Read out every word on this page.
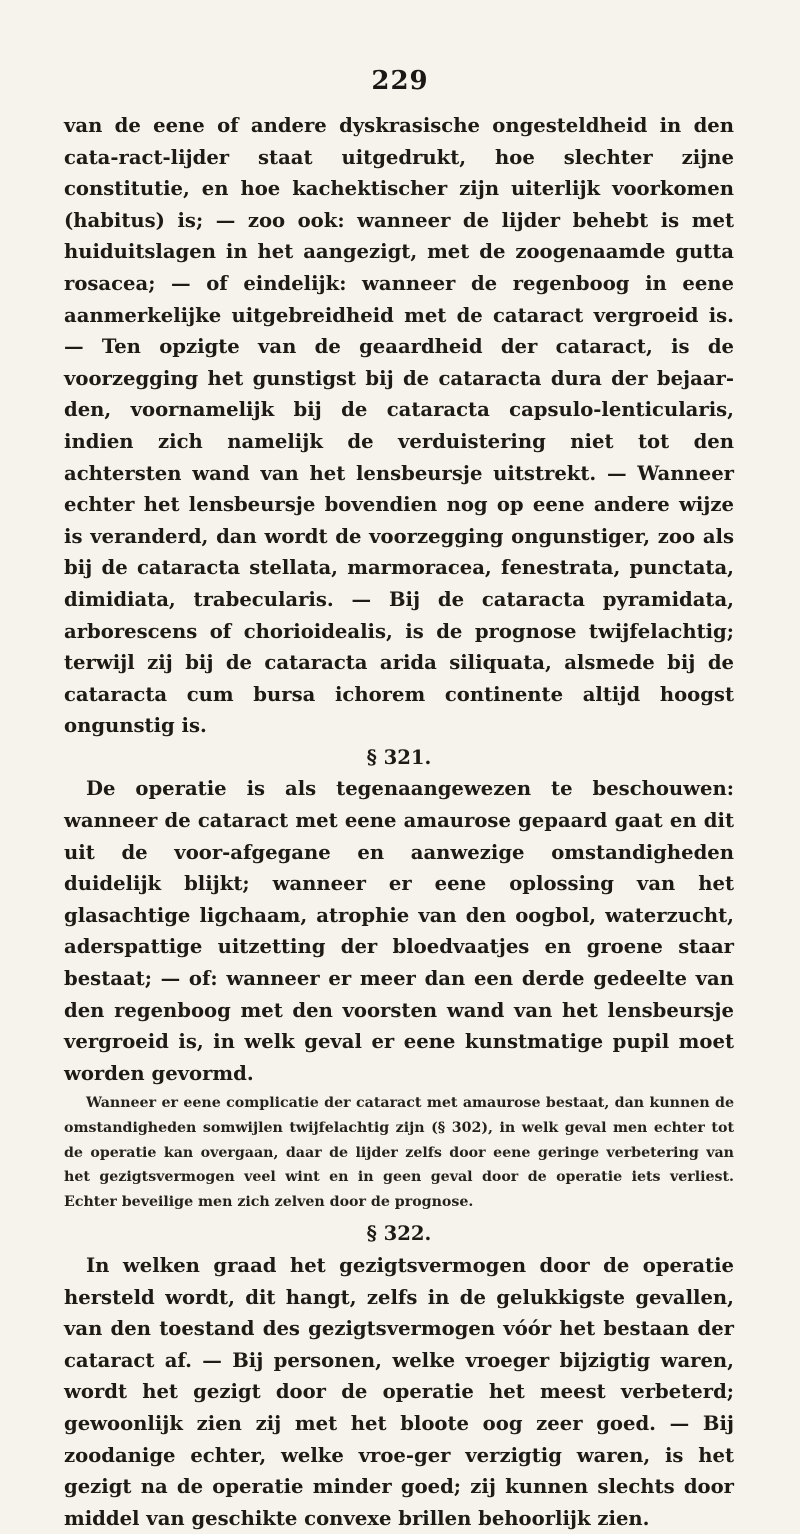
229

van de eene of andere dyskrasische ongesteldheid in den cata-ract-lijder staat uitgedrukt, hoe slechter zijne constitutie, en hoe kachektischer zijn uiterlijk voorkomen (habitus) is; — zoo ook: wanneer de lijder behebt is met huiduitslagen in het aangezigt, met de zoogenaamde gutta rosacea; — of eindelijk: wanneer de regenboog in eene aanmerkelijke uitgebreidheid met de cataract vergroeid is. — Ten opzigte van de geaardheid der cataract, is de voorzegging het gunstigst bij de cataracta dura der bejaar-den, voornamelijk bij de cataracta capsulo-lenticularis, indien zich namelijk de verduistering niet tot den achtersten wand van het lensbeursje uitstrekt. — Wanneer echter het lensbeursje bovendien nog op eene andere wijze is veranderd, dan wordt de voorzegging ongunstiger, zoo als bij de cataracta stellata, marmoracea, fenestrata, punctata, dimidiata, trabecularis. — Bij de cataracta pyramidata, arborescens of chorioidealis, is de prognose twijfelachtig; terwijl zij bij de cataracta arida siliquata, alsmede bij de cataracta cum bursa ichorem continente altijd hoogst ongunstig is.

§ 321.

De operatie is als tegenaangewezen te beschouwen: wanneer de cataract met eene amaurose gepaard gaat en dit uit de voor-afgegane en aanwezige omstandigheden duidelijk blijkt; wanneer er eene oplossing van het glasachtige ligchaam, atrophie van den oogbol, waterzucht, aderspattige uitzetting der bloedvaatjes en groene staar bestaat; — of: wanneer er meer dan een derde gedeelte van den regenboog met den voorsten wand van het lensbeursje vergroeid is, in welk geval er eene kunstmatige pupil moet worden gevormd.

Wanneer er eene complicatie der cataract met amaurose bestaat, dan kunnen de omstandigheden somwijlen twijfelachtig zijn (§ 302), in welk geval men echter tot de operatie kan overgaan, daar de lijder zelfs door eene geringe verbetering van het gezigtsvermogen veel wint en in geen geval door de operatie iets verliest. Echter beveilige men zich zelven door de prognose.

§ 322.

In welken graad het gezigtsvermogen door de operatie hersteld wordt, dit hangt, zelfs in de gelukkigste gevallen, van den toestand des gezigtsvermogen vóór het bestaan der cataract af. — Bij personen, welke vroeger bijzigtig waren, wordt het gezigt door de operatie het meest verbeterd; gewoonlijk zien zij met het bloote oog zeer goed. — Bij zoodanige echter, welke vroe-ger verzigtig waren, is het gezigt na de operatie minder goed; zij kunnen slechts door middel van geschikte convexe brillen behoorlijk zien.
